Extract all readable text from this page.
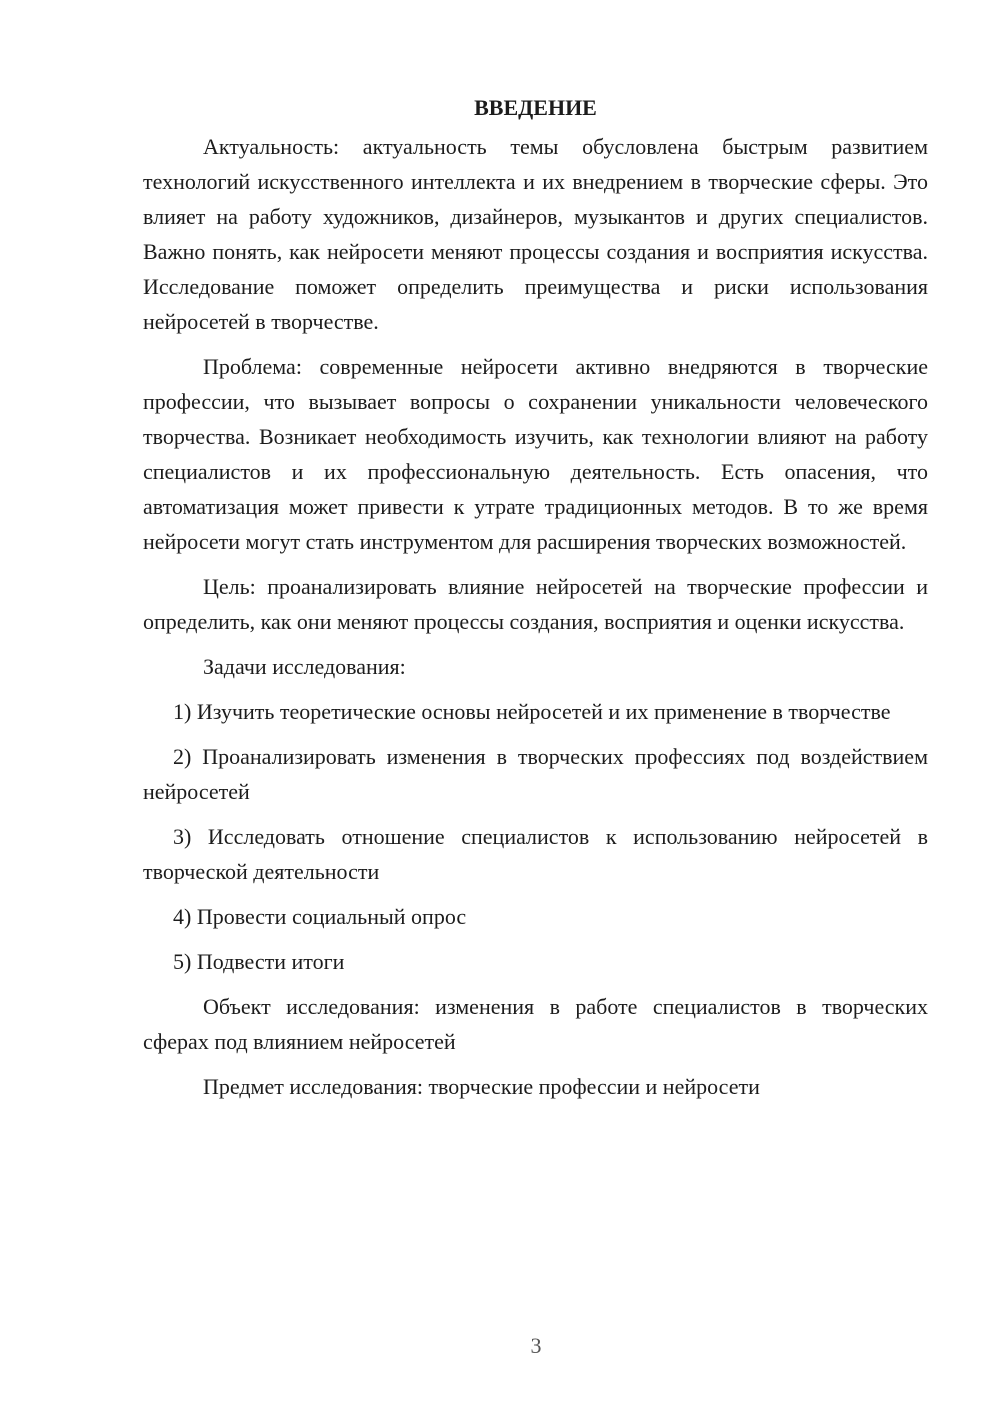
ВВЕДЕНИЕ

Актуальность: актуальность темы обусловлена быстрым развитием технологий искусственного интеллекта и их внедрением в творческие сферы. Это влияет на работу художников, дизайнеров, музыкантов и других специалистов. Важно понять, как нейросети меняют процессы создания и восприятия искусства. Исследование поможет определить преимущества и риски использования нейросетей в творчестве.

Проблема: современные нейросети активно внедряются в творческие профессии, что вызывает вопросы о сохранении уникальности человеческого творчества. Возникает необходимость изучить, как технологии влияют на работу специалистов и их профессиональную деятельность. Есть опасения, что автоматизация может привести к утрате традиционных методов. В то же время нейросети могут стать инструментом для расширения творческих возможностей.

Цель: проанализировать влияние нейросетей на творческие профессии и определить, как они меняют процессы создания, восприятия и оценки искусства.

Задачи исследования:

1) Изучить теоретические основы нейросетей и их применение в творчестве

2) Проанализировать изменения в творческих профессиях под воздействием нейросетей

3) Исследовать отношение специалистов к использованию нейросетей в творческой деятельности

4) Провести социальный опрос

5) Подвести итоги

Объект исследования: изменения в работе специалистов в творческих сферах под влиянием нейросетей

Предмет исследования: творческие профессии и нейросети

3
